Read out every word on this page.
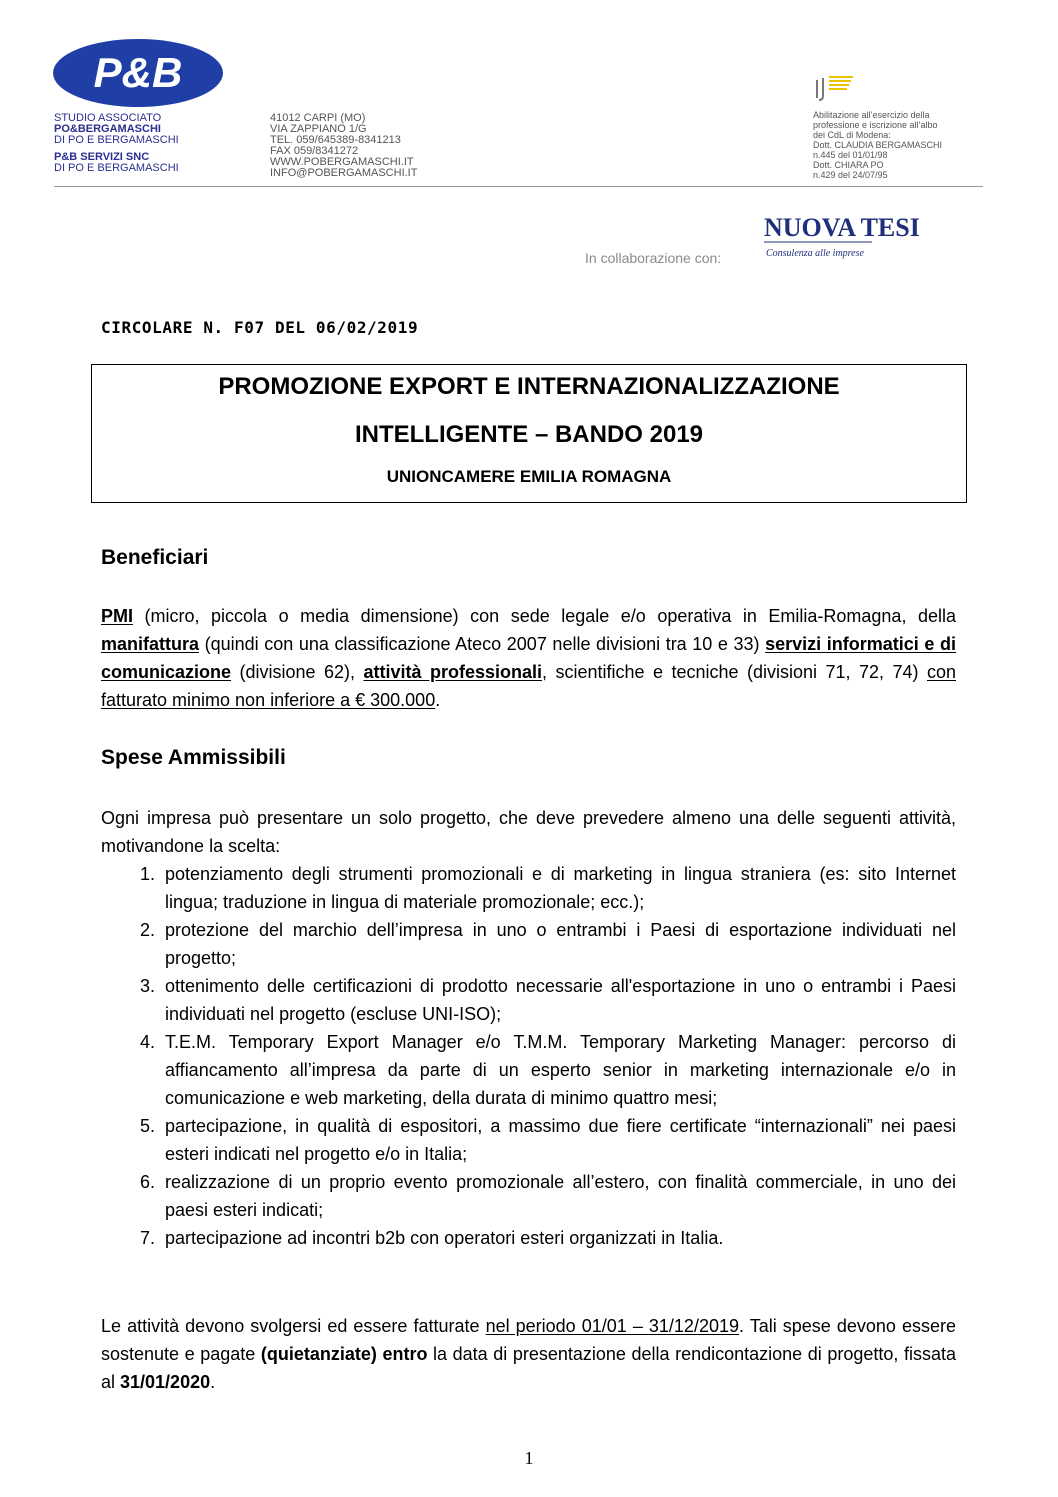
P&B
STUDIO ASSOCIATO
PO&BERGAMASCHI
DI PO E BERGAMASCHI
P&B SERVIZI SNC
DI PO E BERGAMASCHI
41012 CARPI (MO)
VIA ZAPPIANO 1/G
TEL. 059/645389-8341213
FAX 059/8341272
WWW.POBERGAMASCHI.IT
INFO@POBERGAMASCHI.IT
Abilitazione all’esercizio della
professione e iscrizione all’albo
dei CdL di Modena:
Dott. CLAUDIA BERGAMASCHI
n.445 del 01/01/98
Dott. CHIARA PO
n.429 del 24/07/95
In collaborazione con:
NUOVA TESI
Consulenza alle imprese
CIRCOLARE N. F07 DEL 06/02/2019
PROMOZIONE EXPORT E INTERNAZIONALIZZAZIONE
INTELLIGENTE – BANDO 2019
UNIONCAMERE EMILIA ROMAGNA
Beneficiari
PMI (micro, piccola o media dimensione) con sede legale e/o operativa in Emilia-Romagna, della manifattura (quindi con una classificazione Ateco 2007 nelle divisioni tra 10 e 33) servizi informatici e di comunicazione (divisione 62), attività professionali, scientifiche e tecniche (divisioni 71, 72, 74) con fatturato minimo non inferiore a € 300.000.
Spese Ammissibili
Ogni impresa può presentare un solo progetto, che deve prevedere almeno una delle seguenti attività, motivandone la scelta:
1. potenziamento degli strumenti promozionali e di marketing in lingua straniera (es: sito Internet lingua; traduzione in lingua di materiale promozionale; ecc.);
2. protezione del marchio dell’impresa in uno o entrambi i Paesi di esportazione individuati nel progetto;
3. ottenimento delle certificazioni di prodotto necessarie all'esportazione in uno o entrambi i Paesi individuati nel progetto (escluse UNI-ISO);
4. T.E.M. Temporary Export Manager e/o T.M.M. Temporary Marketing Manager: percorso di affiancamento all’impresa da parte di un esperto senior in marketing internazionale e/o in comunicazione e web marketing, della durata di minimo quattro mesi;
5. partecipazione, in qualità di espositori, a massimo due fiere certificate “internazionali” nei paesi esteri indicati nel progetto e/o in Italia;
6. realizzazione di un proprio evento promozionale all’estero, con finalità commerciale, in uno dei paesi esteri indicati;
7. partecipazione ad incontri b2b con operatori esteri organizzati in Italia.
Le attività devono svolgersi ed essere fatturate nel periodo 01/01 – 31/12/2019. Tali spese devono essere sostenute e pagate (quietanziate) entro la data di presentazione della rendicontazione di progetto, fissata al 31/01/2020.
1
